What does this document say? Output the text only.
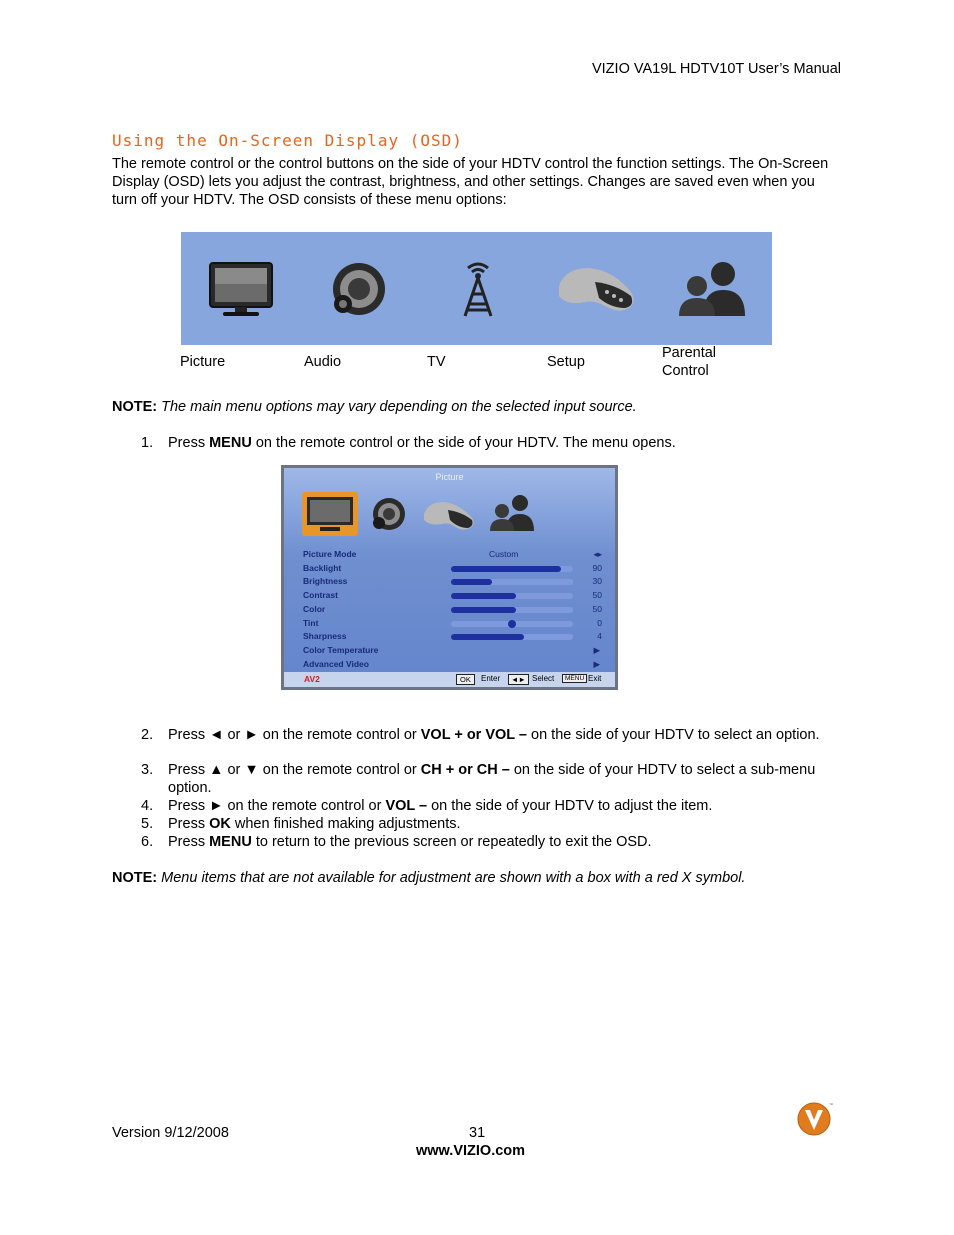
VIZIO VA19L HDTV10T User’s Manual
Using the On-Screen Display (OSD)
The remote control or the control buttons on the side of your HDTV control the function settings. The On-Screen Display (OSD) lets you adjust the contrast, brightness, and other settings. Changes are saved even when you turn off your HDTV. The OSD consists of these menu options:
Picture	Audio	TV	Setup
Parental
Control
NOTE: The main menu options may vary depending on the selected input source.
1.	Press MENU on the remote control or the side of your HDTV. The menu opens.
Picture
Picture Mode	Custom	◂▸
Backlight	90
Brightness	30
Contrast	50
Color	50
Tint	0
Sharpness	4
Color Temperature	▶
Advanced Video	▶
AV2	OK	Enter	◄► Select	MENU Exit
2.	Press ◄ or ► on the remote control or VOL + or VOL – on the side of your HDTV to select an option.
3.	Press ▲ or ▼ on the remote control or CH + or CH – on the side of your HDTV to select a sub-menu option.
4.	Press ► on the remote control or VOL – on the side of your HDTV to adjust the item.
5.	Press OK when finished making adjustments.
6.	Press MENU to return to the previous screen or repeatedly to exit the OSD.
NOTE: Menu items that are not available for adjustment are shown with a box with a red X symbol.
™
Version 9/12/2008	31
www.VIZIO.com
